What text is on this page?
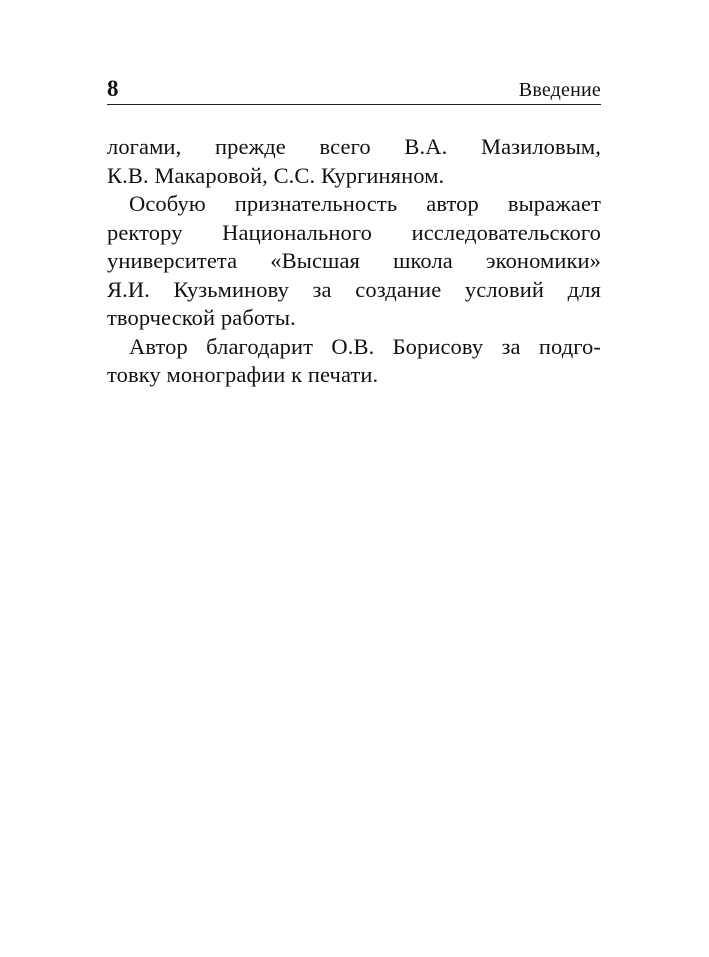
8	Введение

логами, прежде всего В.А. Мазиловым,
К.В. Макаровой, С.С. Кургиняном.

Особую признательность автор выражает
ректору Национального исследовательского
университета «Высшая школа экономики»
Я.И. Кузьминову за создание условий для
творческой работы.

Автор благодарит О.В. Борисову за подго-
товку монографии к печати.
